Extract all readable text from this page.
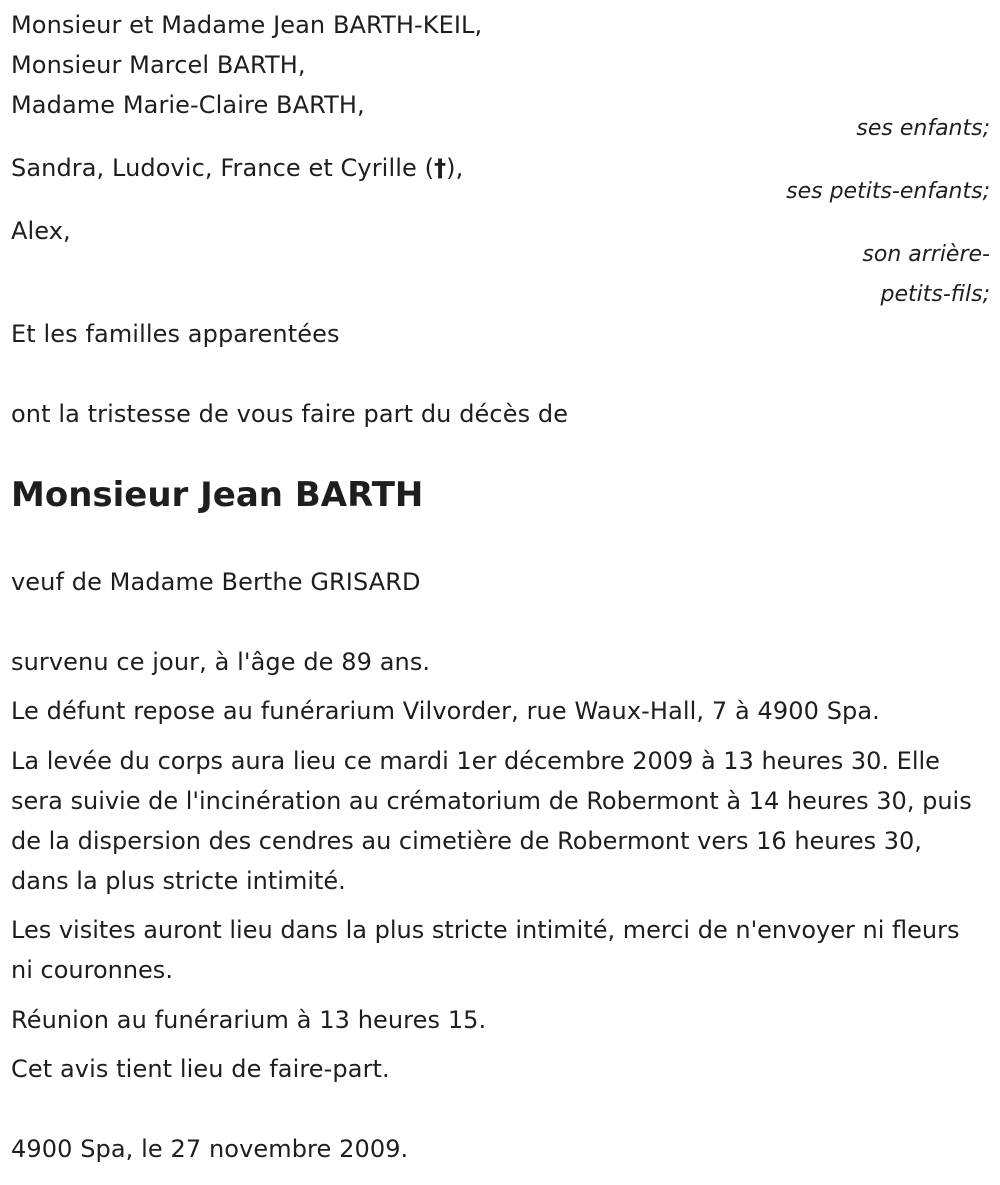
Monsieur et Madame Jean BARTH-KEIL,
Monsieur Marcel BARTH,
Madame Marie-Claire BARTH,
ses enfants;
Sandra, Ludovic, France et Cyrille (†),
ses petits-enfants;
Alex,
son arrière-
petits-fils;
Et les familles apparentées
ont la tristesse de vous faire part du décès de
Monsieur Jean BARTH
veuf de Madame Berthe GRISARD
survenu ce jour, à l'âge de 89 ans.
Le défunt repose au funérarium Vilvorder, rue Waux-Hall, 7 à 4900 Spa.
La levée du corps aura lieu ce mardi 1er décembre 2009 à 13 heures 30. Elle sera suivie de l'incinération au crématorium de Robermont à 14 heures 30, puis de la dispersion des cendres au cimetière de Robermont vers 16 heures 30, dans la plus stricte intimité.
Les visites auront lieu dans la plus stricte intimité, merci de n'envoyer ni fleurs ni couronnes.
Réunion au funérarium à 13 heures 15.
Cet avis tient lieu de faire-part.
4900 Spa, le 27 novembre 2009.
